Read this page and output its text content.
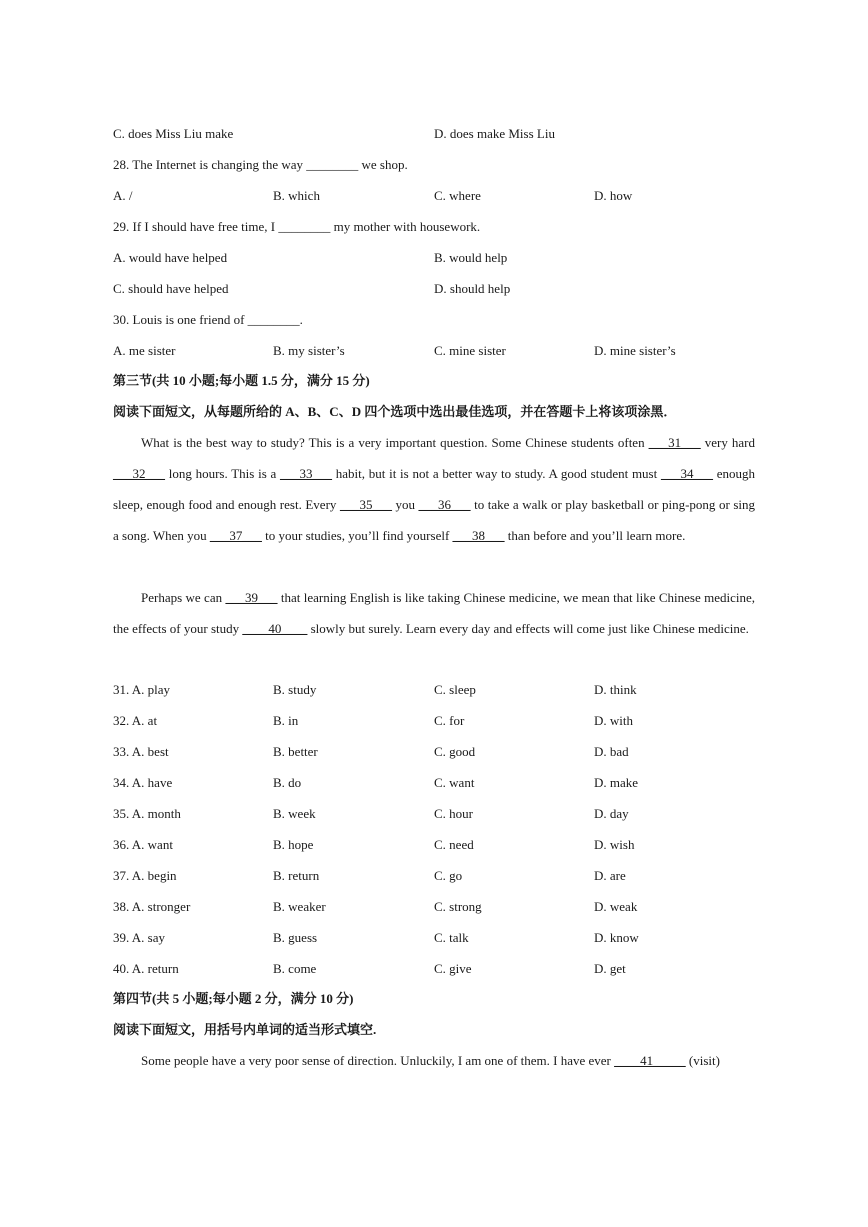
C. does Miss Liu make	D. does make Miss Liu
28. The Internet is changing the way ________ we shop.
A. /	B. which	C. where	D. how
29. If I should have free time, I ________ my mother with housework.
A. would have helped	B. would help
C. should have helped	D. should help
30. Louis is one friend of ________.
A. me sister	B. my sister’s	C. mine sister	D. mine sister’s
第三节(共 10 小题;每小题 1.5 分，满分 15 分)
阅读下面短文，从每题所给的 A、B、C、D 四个选项中选出最佳选项，并在答题卡上将该项涂黑．
What is the best way to study? This is a very important question. Some Chinese students often ___31___ very hard ___32___ long hours. This is a ___33___ habit, but it is not a better way to study. A good student must ___34___ enough sleep, enough food and enough rest. Every ___35___ you ___36___ to take a walk or play basketball or ping-pong or sing a song. When you ___37___ to your studies, you’ll find yourself ___38___ than before and you’ll learn more.
Perhaps we can ___39___ that learning English is like taking Chinese medicine, we mean that like Chinese medicine, the effects of your study ____40____ slowly but surely. Learn every day and effects will come just like Chinese medicine.
31. A. play	B. study	C. sleep	D. think
32. A. at	B. in	C. for	D. with
33. A. best	B. better	C. good	D. bad
34. A. have	B. do	C. want	D. make
35. A. month	B. week	C. hour	D. day
36. A. want	B. hope	C. need	D. wish
37. A. begin	B. return	C. go	D. are
38. A. stronger	B. weaker	C. strong	D. weak
39. A. say	B. guess	C. talk	D. know
40. A. return	B. come	C. give	D. get
第四节(共 5 小题;每小题 2 分，满分 10 分)
阅读下面短文，用括号内单词的适当形式填空.
Some people have a very poor sense of direction. Unluckily, I am one of them. I have ever ____41_____ (visit)
